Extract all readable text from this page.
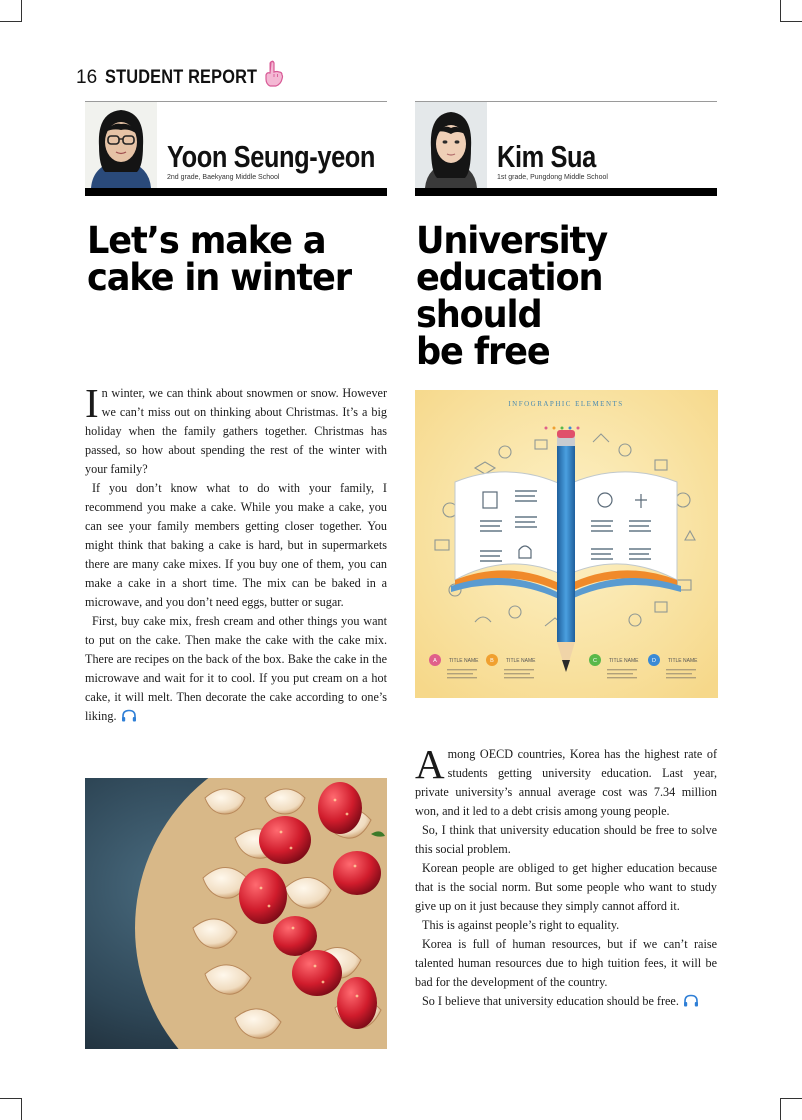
16 STUDENT REPORT
Yoon Seung-yeon
2nd grade, Baekyang Middle School
Let’s make a
cake in winter

In winter, we can think about snowmen or snow. However we can’t miss out on thinking about Christmas. It’s a big holiday when the family gathers together. Christmas has passed, so how about spending the rest of the winter with your family?

If you don’t know what to do with your family, I recommend you make a cake. While you make a cake, you can see your family members getting closer together. You might think that baking a cake is hard, but in supermarkets there are many cake mixes. If you buy one of them, you can make a cake in a short time. The mix can be baked in a microwave, and you don’t need eggs, butter or sugar.

First, buy cake mix, fresh cream and other things you want to put on the cake. Then make the cake with the cake mix. There are recipes on the back of the box. Bake the cake in the microwave and wait for it to cool. If you put cream on a hot cake, it will melt. Then decorate the cake according to one’s liking.

Kim Sua
1st grade, Pungdong Middle School
University
education should
be free
INFOGRAPHIC ELEMENTS
A	B	C	D
TITLE NAME	TITLE NAME	TITLE NAME	TITLE NAME

Among OECD countries, Korea has the highest rate of students getting university education. Last year, private university’s annual average cost was 7.34 million won, and it led to a debt crisis among young people.

So, I think that university education should be free to solve this social problem.

Korean people are obliged to get higher education because that is the social norm. But some people who want to study give up on it just because they simply cannot afford it.

This is against people’s right to equality.

Korea is full of human resources, but if we can’t raise talented human resources due to high tuition fees, it will be bad for the development of the country.

So I believe that university education should be free.
